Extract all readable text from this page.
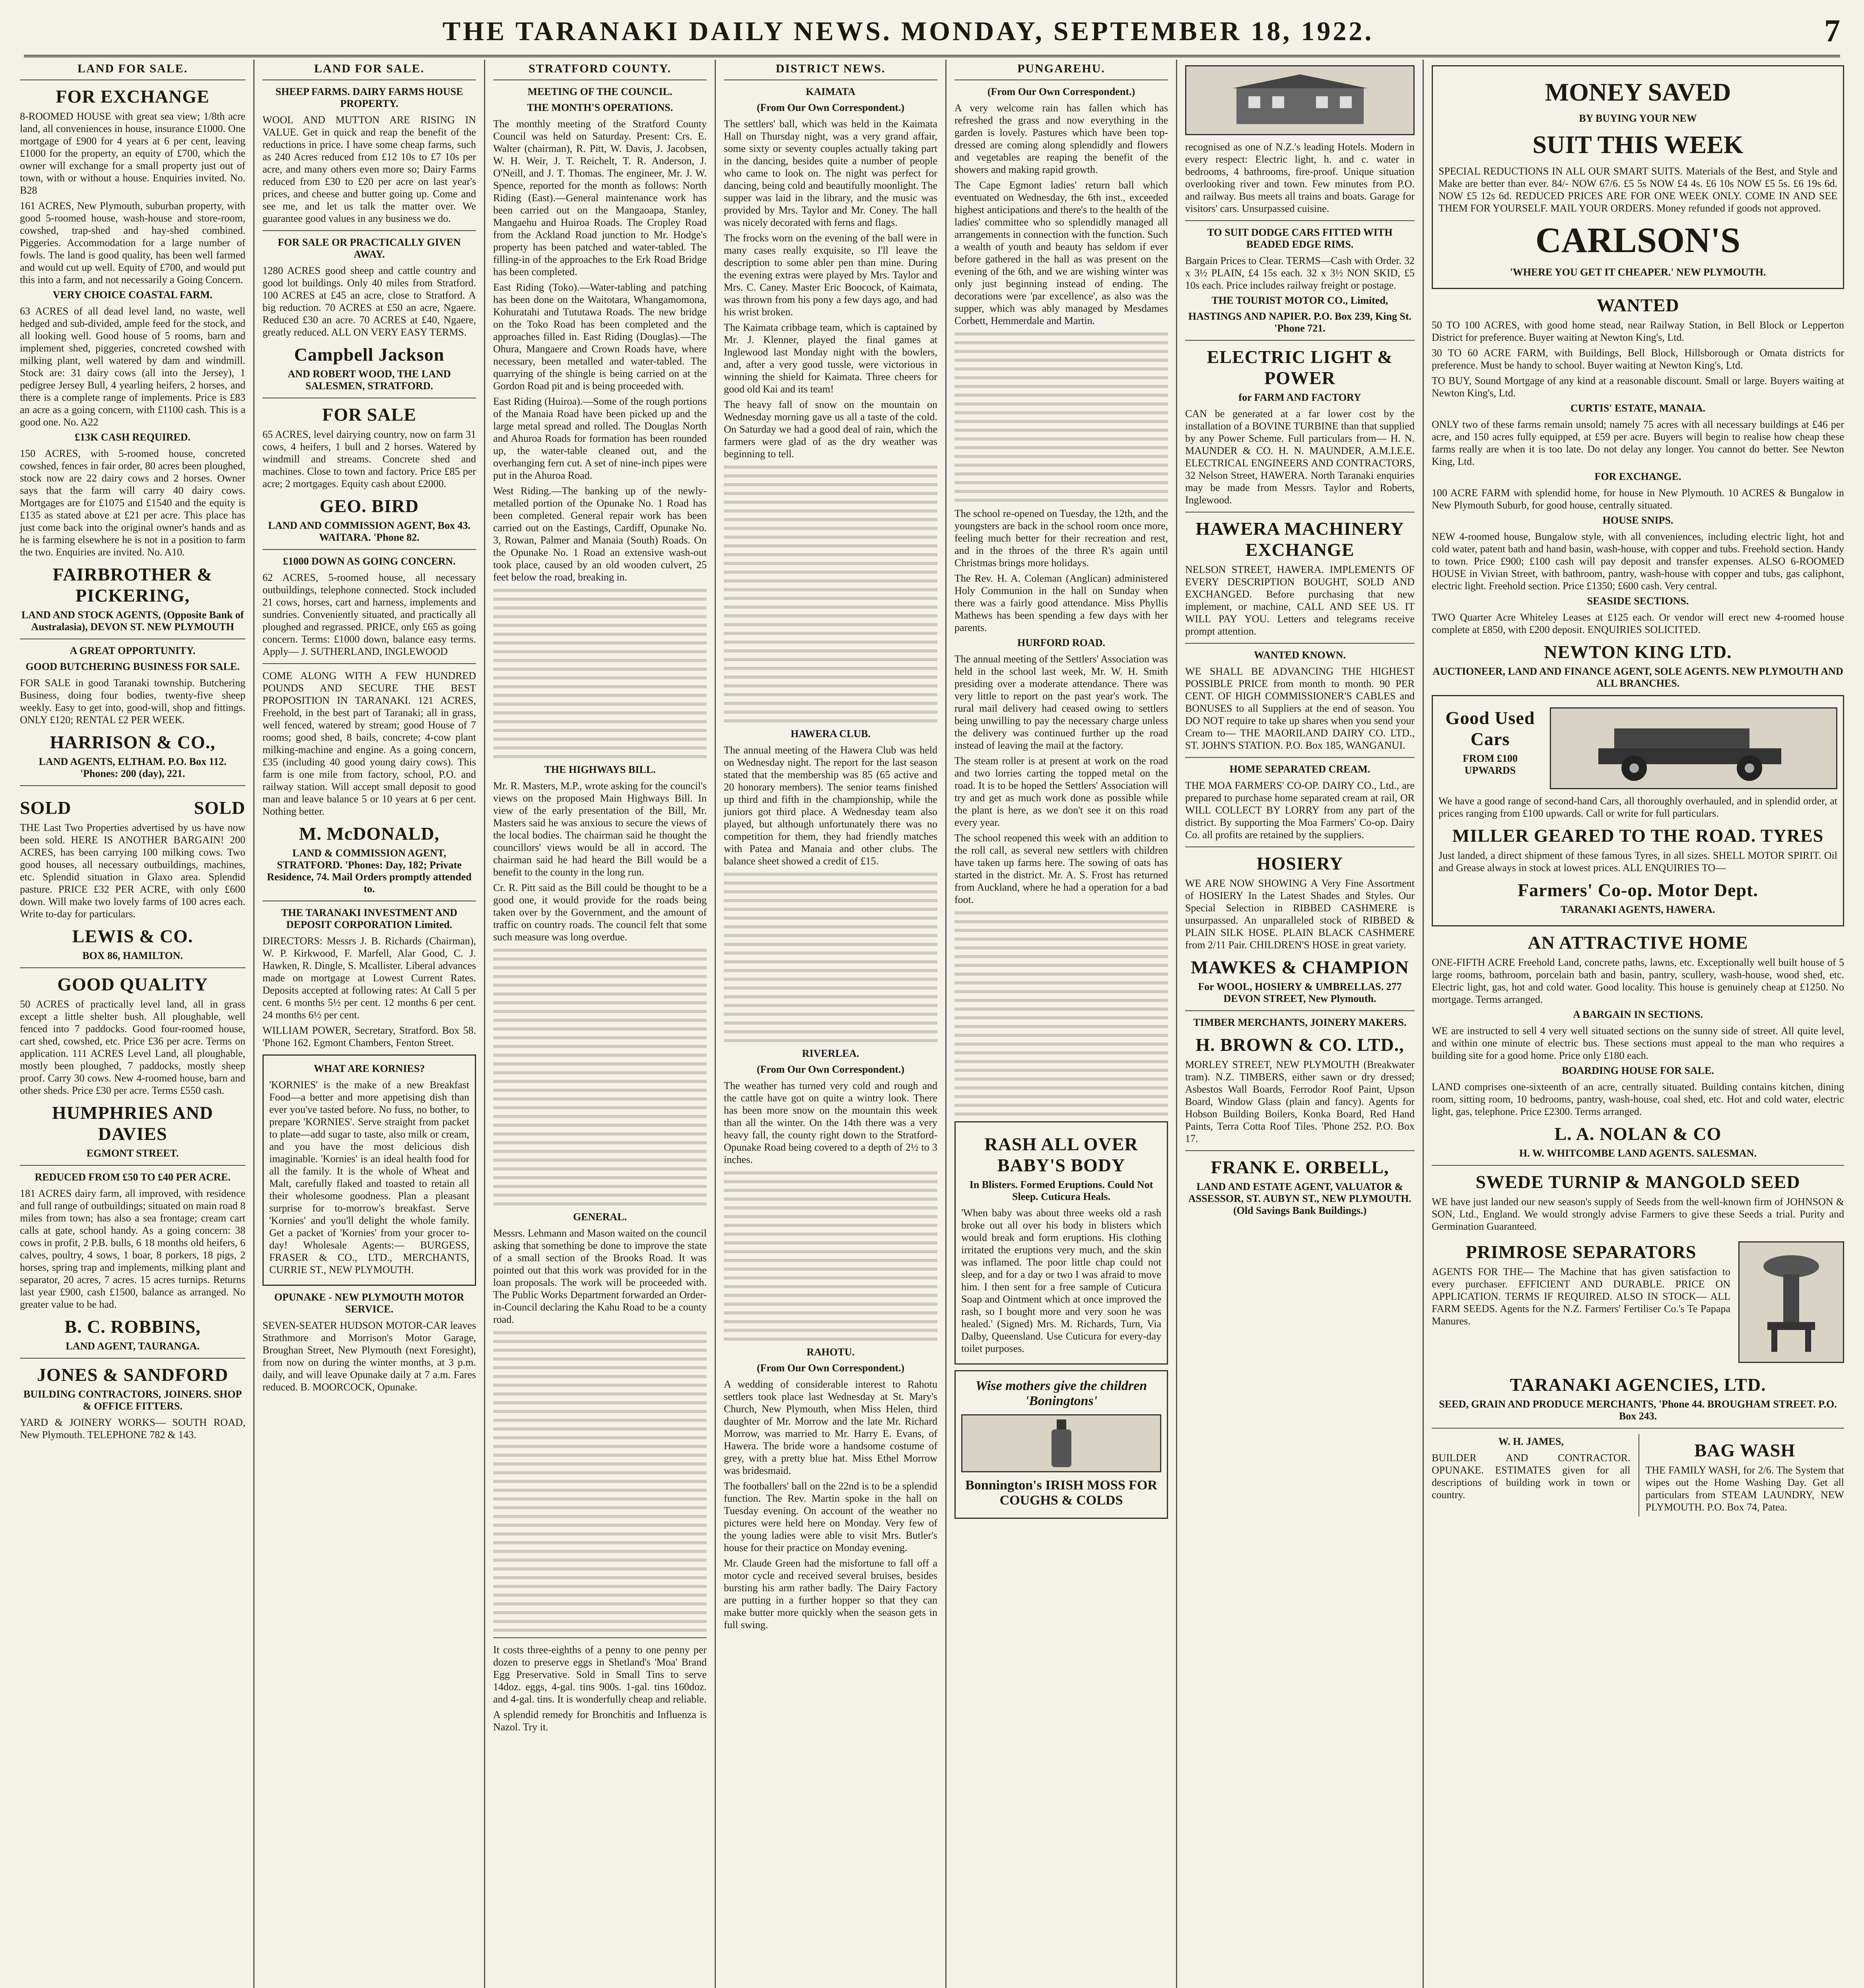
THE TARANAKI DAILY NEWS. MONDAY, SEPTEMBER 18, 1922.	7
LAND FOR SALE.
FOR EXCHANGE

8-ROOMED HOUSE with great sea view; 1/8th acre land, all conveniences in house, insurance £1000. One mortgage of £900 for 4 years at 6 per cent, leaving £1000 for the property, an equity of £700, which the owner will exchange for a small property just out of town, with or without a house. Enquiries invited. No. B28

161 ACRES, New Plymouth, suburban property, with good 5-roomed house, wash-house and store-room, cowshed, trap-shed and hay-shed combined. Piggeries. Accommodation for a large number of fowls. The land is good quality, has been well farmed and would cut up well. Equity of £700, and would put this into a farm, and not necessarily a Going Concern.

VERY CHOICE COASTAL FARM.

63 ACRES of all dead level land, no waste, well hedged and sub-divided, ample feed for the stock, and all looking well. Good house of 5 rooms, barn and implement shed, piggeries, concreted cowshed with milking plant, well watered by dam and windmill. Stock are: 31 dairy cows (all into the Jersey), 1 pedigree Jersey Bull, 4 yearling heifers, 2 horses, and there is a complete range of implements. Price is £83 an acre as a going concern, with £1100 cash. This is a good one. No. A22

£13K CASH REQUIRED.

150 ACRES, with 5-roomed house, concreted cowshed, fences in fair order, 80 acres been ploughed, stock now are 22 dairy cows and 2 horses. Owner says that the farm will carry 40 dairy cows. Mortgages are for £1075 and £1540 and the equity is £135 as stated above at £21 per acre. This place has just come back into the original owner's hands and as he is farming elsewhere he is not in a position to farm the two. Enquiries are invited. No. A10.

FAIRBROTHER & PICKERING,
LAND AND STOCK AGENTS, (Opposite Bank of Australasia), DEVON ST. NEW PLYMOUTH
A GREAT OPPORTUNITY.
GOOD BUTCHERING BUSINESS FOR SALE.

FOR SALE in good Taranaki township. Butchering Business, doing four bodies, twenty-five sheep weekly. Easy to get into, good-will, shop and fittings. ONLY £120; RENTAL £2 PER WEEK.

HARRISON & CO.,
LAND AGENTS, ELTHAM. P.O. Box 112. 'Phones: 200 (day), 221.
SOLD	SOLD

THE Last Two Properties advertised by us have now been sold. HERE IS ANOTHER BARGAIN! 200 ACRES, has been carrying 100 milking cows. Two good houses, all necessary outbuildings, machines, etc. Splendid situation in Glaxo area. Splendid pasture. PRICE £32 PER ACRE, with only £600 down. Will make two lovely farms of 100 acres each. Write to-day for particulars.

LEWIS & CO.
BOX 86, HAMILTON.
GOOD QUALITY

50 ACRES of practically level land, all in grass except a little shelter bush. All ploughable, well fenced into 7 paddocks. Good four-roomed house, cart shed, cowshed, etc. Price £36 per acre. Terms on application. 111 ACRES Level Land, all ploughable, mostly been ploughed, 7 paddocks, mostly sheep proof. Carry 30 cows. New 4-roomed house, barn and other sheds. Price £30 per acre. Terms £550 cash.

HUMPHRIES AND DAVIES
EGMONT STREET.
REDUCED FROM £50 TO £40 PER ACRE.

181 ACRES dairy farm, all improved, with residence and full range of outbuildings; situated on main road 8 miles from town; has also a sea frontage; cream cart calls at gate, school handy. As a going concern: 38 cows in profit, 2 P.B. bulls, 6 18 months old heifers, 6 calves, poultry, 4 sows, 1 boar, 8 porkers, 18 pigs, 2 horses, spring trap and implements, milking plant and separator, 20 acres, 7 acres. 15 acres turnips. Returns last year £900, cash £1500, balance as arranged. No greater value to be had.

B. C. ROBBINS,
LAND AGENT, TAURANGA.
JONES & SANDFORD
BUILDING CONTRACTORS, JOINERS. SHOP & OFFICE FITTERS.

YARD & JOINERY WORKS— SOUTH ROAD, New Plymouth. TELEPHONE 782 & 143.

LAND FOR SALE.
SHEEP FARMS. DAIRY FARMS HOUSE PROPERTY.

WOOL AND MUTTON ARE RISING IN VALUE. Get in quick and reap the benefit of the reductions in price. I have some cheap farms, such as 240 Acres reduced from £12 10s to £7 10s per acre, and many others even more so; Dairy Farms reduced from £30 to £20 per acre on last year's prices, and cheese and butter going up. Come and see me, and let us talk the matter over. We guarantee good values in any business we do.

FOR SALE OR PRACTICALLY GIVEN AWAY.

1280 ACRES good sheep and cattle country and good lot buildings. Only 40 miles from Stratford. 100 ACRES at £45 an acre, close to Stratford. A big reduction. 70 ACRES at £50 an acre, Ngaere. Reduced £30 an acre. 70 ACRES at £40, Ngaere, greatly reduced. ALL ON VERY EASY TERMS.

Campbell Jackson
AND ROBERT WOOD, THE LAND SALESMEN, STRATFORD.
FOR SALE

65 ACRES, level dairying country, now on farm 31 cows, 4 heifers, 1 bull and 2 horses. Watered by windmill and streams. Concrete shed and machines. Close to town and factory. Price £85 per acre; 2 mortgages. Equity cash about £2000.

GEO. BIRD
LAND AND COMMISSION AGENT, Box 43. WAITARA. 'Phone 82.
£1000 DOWN AS GOING CONCERN.

62 ACRES, 5-roomed house, all necessary outbuildings, telephone connected. Stock included 21 cows, horses, cart and harness, implements and sundries. Conveniently situated, and practically all ploughed and regrassed. PRICE, only £65 as going concern. Terms: £1000 down, balance easy terms. Apply— J. SUTHERLAND, INGLEWOOD

COME ALONG WITH A FEW HUNDRED POUNDS AND SECURE THE BEST PROPOSITION IN TARANAKI. 121 ACRES, Freehold, in the best part of Taranaki; all in grass, well fenced, watered by stream; good House of 7 rooms; good shed, 8 bails, concrete; 4-cow plant milking-machine and engine. As a going concern, £35 (including 40 good young dairy cows). This farm is one mile from factory, school, P.O. and railway station. Will accept small deposit to good man and leave balance 5 or 10 years at 6 per cent. Nothing better.

M. McDONALD,
LAND & COMMISSION AGENT, STRATFORD. 'Phones: Day, 182; Private Residence, 74. Mail Orders promptly attended to.
THE TARANAKI INVESTMENT AND DEPOSIT CORPORATION Limited.

DIRECTORS: Messrs J. B. Richards (Chairman), W. P. Kirkwood, F. Marfell, Alar Good, C. J. Hawken, R. Dingle, S. Mcallister. Liberal advances made on mortgage at Lowest Current Rates. Deposits accepted at following rates: At Call 5 per cent. 6 months 5½ per cent. 12 months 6 per cent. 24 months 6½ per cent.

WILLIAM POWER, Secretary, Stratford. Box 58. 'Phone 162. Egmont Chambers, Fenton Street.

WHAT ARE KORNIES?

'KORNIES' is the make of a new Breakfast Food—a better and more appetising dish than ever you've tasted before. No fuss, no bother, to prepare 'KORNIES'. Serve straight from packet to plate—add sugar to taste, also milk or cream, and you have the most delicious dish imaginable. 'Kornies' is an ideal health food for all the family. It is the whole of Wheat and Malt, carefully flaked and toasted to retain all their wholesome goodness. Plan a pleasant surprise for to-morrow's breakfast. Serve 'Kornies' and you'll delight the whole family. Get a packet of 'Kornies' from your grocer to-day! Wholesale Agents:— BURGESS, FRASER & CO., LTD., MERCHANTS, CURRIE ST., NEW PLYMOUTH.

OPUNAKE - NEW PLYMOUTH MOTOR SERVICE.

SEVEN-SEATER HUDSON MOTOR-CAR leaves Strathmore and Morrison's Motor Garage, Broughan Street, New Plymouth (next Foresight), from now on during the winter months, at 3 p.m. daily, and will leave Opunake daily at 7 a.m. Fares reduced. B. MOORCOCK, Opunake.

STRATFORD COUNTY.
MEETING OF THE COUNCIL.
THE MONTH'S OPERATIONS.

The monthly meeting of the Stratford County Council was held on Saturday. Present: Crs. E. Walter (chairman), R. Pitt, W. Davis, J. Jacobsen, W. H. Weir, J. T. Reichelt, T. R. Anderson, J. O'Neill, and J. T. Thomas. The engineer, Mr. J. W. Spence, reported for the month as follows: North Riding (East).—General maintenance work has been carried out on the Mangaoapa, Stanley, Mangaehu and Huiroa Roads. The Cropley Road from the Ackland Road junction to Mr. Hodge's property has been patched and water-tabled. The filling-in of the approaches to the Erk Road Bridge has been completed.

East Riding (Toko).—Water-tabling and patching has been done on the Waitotara, Whangamomona, Kohuratahi and Tututawa Roads. The new bridge on the Toko Road has been completed and the approaches filled in. East Riding (Douglas).—The Ohura, Mangaere and Crown Roads have, where necessary, been metalled and water-tabled. The quarrying of the shingle is being carried on at the Gordon Road pit and is being proceeded with.

East Riding (Huiroa).—Some of the rough portions of the Manaia Road have been picked up and the large metal spread and rolled. The Douglas North and Ahuroa Roads for formation has been rounded up, the water-table cleaned out, and the overhanging fern cut. A set of nine-inch pipes were put in the Ahuroa Road.

West Riding.—The banking up of the newly-metalled portion of the Opunake No. 1 Road has been completed. General repair work has been carried out on the Eastings, Cardiff, Opunake No. 3, Rowan, Palmer and Manaia (South) Roads. On the Opunake No. 1 Road an extensive wash-out took place, caused by an old wooden culvert, 25 feet below the road, breaking in.

THE HIGHWAYS BILL.

Mr. R. Masters, M.P., wrote asking for the council's views on the proposed Main Highways Bill. In view of the early presentation of the Bill, Mr. Masters said he was anxious to secure the views of the local bodies. The chairman said he thought the councillors' views would be all in accord. The chairman said he had heard the Bill would be a benefit to the county in the long run.

Cr. R. Pitt said as the Bill could be thought to be a good one, it would provide for the roads being taken over by the Government, and the amount of traffic on country roads. The council felt that some such measure was long overdue.

GENERAL.

Messrs. Lehmann and Mason waited on the council asking that something be done to improve the state of a small section of the Brooks Road. It was pointed out that this work was provided for in the loan proposals. The work will be proceeded with. The Public Works Department forwarded an Order-in-Council declaring the Kahu Road to be a county road.

It costs three-eighths of a penny to one penny per dozen to preserve eggs in Shetland's 'Moa' Brand Egg Preservative. Sold in Small Tins to serve 14doz. eggs, 4-gal. tins 900s. 1-gal. tins 160doz. and 4-gal. tins. It is wonderfully cheap and reliable.

A splendid remedy for Bronchitis and Influenza is Nazol. Try it.

DISTRICT NEWS.
KAIMATA
(From Our Own Correspondent.)

The settlers' ball, which was held in the Kaimata Hall on Thursday night, was a very grand affair, some sixty or seventy couples actually taking part in the dancing, besides quite a number of people who came to look on. The night was perfect for dancing, being cold and beautifully moonlight. The supper was laid in the library, and the music was provided by Mrs. Taylor and Mr. Coney. The hall was nicely decorated with ferns and flags.

The frocks worn on the evening of the ball were in many cases really exquisite, so I'll leave the description to some abler pen than mine. During the evening extras were played by Mrs. Taylor and Mrs. C. Caney. Master Eric Boocock, of Kaimata, was thrown from his pony a few days ago, and had his wrist broken.

The Kaimata cribbage team, which is captained by Mr. J. Klenner, played the final games at Inglewood last Monday night with the bowlers, and, after a very good tussle, were victorious in winning the shield for Kaimata. Three cheers for good old Kai and its team!

The heavy fall of snow on the mountain on Wednesday morning gave us all a taste of the cold. On Saturday we had a good deal of rain, which the farmers were glad of as the dry weather was beginning to tell.

HAWERA CLUB.

The annual meeting of the Hawera Club was held on Wednesday night. The report for the last season stated that the membership was 85 (65 active and 20 honorary members). The senior teams finished up third and fifth in the championship, while the juniors got third place. A Wednesday team also played, but although unfortunately there was no competition for them, they had friendly matches with Patea and Manaia and other clubs. The balance sheet showed a credit of £15.

RIVERLEA.
(From Our Own Correspondent.)

The weather has turned very cold and rough and the cattle have got on quite a wintry look. There has been more snow on the mountain this week than all the winter. On the 14th there was a very heavy fall, the county right down to the Stratford-Opunake Road being covered to a depth of 2½ to 3 inches.

RAHOTU.
(From Our Own Correspondent.)

A wedding of considerable interest to Rahotu settlers took place last Wednesday at St. Mary's Church, New Plymouth, when Miss Helen, third daughter of Mr. Morrow and the late Mr. Richard Morrow, was married to Mr. Harry E. Evans, of Hawera. The bride wore a handsome costume of grey, with a pretty blue hat. Miss Ethel Morrow was bridesmaid.

The footballers' ball on the 22nd is to be a splendid function. The Rev. Martin spoke in the hall on Tuesday evening. On account of the weather no pictures were held here on Monday. Very few of the young ladies were able to visit Mrs. Butler's house for their practice on Monday evening.

Mr. Claude Green had the misfortune to fall off a motor cycle and received several bruises, besides bursting his arm rather badly. The Dairy Factory are putting in a further hopper so that they can make butter more quickly when the season gets in full swing.

PUNGAREHU.
(From Our Own Correspondent.)

A very welcome rain has fallen which has refreshed the grass and now everything in the garden is lovely. Pastures which have been top-dressed are coming along splendidly and flowers and vegetables are reaping the benefit of the showers and making rapid growth.

The Cape Egmont ladies' return ball which eventuated on Wednesday, the 6th inst., exceeded highest anticipations and there's to the health of the ladies' committee who so splendidly managed all arrangements in connection with the function. Such a wealth of youth and beauty has seldom if ever before gathered in the hall as was present on the evening of the 6th, and we are wishing winter was only just beginning instead of ending. The decorations were 'par excellence', as also was the supper, which was ably managed by Mesdames Corbett, Hemmerdale and Martin.

The school re-opened on Tuesday, the 12th, and the youngsters are back in the school room once more, feeling much better for their recreation and rest, and in the throes of the three R's again until Christmas brings more holidays.

The Rev. H. A. Coleman (Anglican) administered Holy Communion in the hall on Sunday when there was a fairly good attendance. Miss Phyllis Mathews has been spending a few days with her parents.

HURFORD ROAD.

The annual meeting of the Settlers' Association was held in the school last week, Mr. W. H. Smith presiding over a moderate attendance. There was very little to report on the past year's work. The rural mail delivery had ceased owing to settlers being unwilling to pay the necessary charge unless the delivery was continued further up the road instead of leaving the mail at the factory.

The steam roller is at present at work on the road and two lorries carting the topped metal on the road. It is to be hoped the Settlers' Association will try and get as much work done as possible while the plant is here, as we don't see it on this road every year.

The school reopened this week with an addition to the roll call, as several new settlers with children have taken up farms here. The sowing of oats has started in the district. Mr. A. S. Frost has returned from Auckland, where he had a operation for a bad foot.

RASH ALL OVER BABY'S BODY
In Blisters. Formed Eruptions. Could Not Sleep. Cuticura Heals.

'When baby was about three weeks old a rash broke out all over his body in blisters which would break and form eruptions. His clothing irritated the eruptions very much, and the skin was inflamed. The poor little chap could not sleep, and for a day or two I was afraid to move him. I then sent for a free sample of Cuticura Soap and Ointment which at once improved the rash, so I bought more and very soon he was healed.' (Signed) Mrs. M. Richards, Turn, Via Dalby, Queensland. Use Cuticura for every-day toilet purposes.

Wise mothers give the children 'Boningtons'
Bonnington's IRISH MOSS FOR COUGHS & COLDS

recognised as one of N.Z.'s leading Hotels. Modern in every respect: Electric light, h. and c. water in bedrooms, 4 bathrooms, fire-proof. Unique situation overlooking river and town. Few minutes from P.O. and railway. Bus meets all trains and boats. Garage for visitors' cars. Unsurpassed cuisine.

TO SUIT DODGE CARS FITTED WITH BEADED EDGE RIMS.

Bargain Prices to Clear. TERMS—Cash with Order. 32 x 3½ PLAIN, £4 15s each. 32 x 3½ NON SKID, £5 10s each. Price includes railway freight or postage.

THE TOURIST MOTOR CO., Limited,
HASTINGS AND NAPIER. P.O. Box 239, King St. 'Phone 721.
ELECTRIC LIGHT & POWER
for FARM AND FACTORY

CAN be generated at a far lower cost by the installation of a BOVINE TURBINE than that supplied by any Power Scheme. Full particulars from— H. N. MAUNDER & CO. H. N. MAUNDER, A.M.I.E.E. ELECTRICAL ENGINEERS AND CONTRACTORS, 32 Nelson Street, HAWERA. North Taranaki enquiries may be made from Messrs. Taylor and Roberts, Inglewood.

HAWERA MACHINERY EXCHANGE

NELSON STREET, HAWERA. IMPLEMENTS OF EVERY DESCRIPTION BOUGHT, SOLD AND EXCHANGED. Before purchasing that new implement, or machine, CALL AND SEE US. IT WILL PAY YOU. Letters and telegrams receive prompt attention.

WANTED KNOWN.

WE SHALL BE ADVANCING THE HIGHEST POSSIBLE PRICE from month to month. 90 PER CENT. OF HIGH COMMISSIONER'S CABLES and BONUSES to all Suppliers at the end of season. You DO NOT require to take up shares when you send your Cream to— THE MAORILAND DAIRY CO. LTD., ST. JOHN'S STATION. P.O. Box 185, WANGANUI.

HOME SEPARATED CREAM.

THE MOA FARMERS' CO-OP. DAIRY CO., Ltd., are prepared to purchase home separated cream at rail, OR WILL COLLECT BY LORRY from any part of the district. By supporting the Moa Farmers' Co-op. Dairy Co. all profits are retained by the suppliers.

HOSIERY

WE ARE NOW SHOWING A Very Fine Assortment of HOSIERY In the Latest Shades and Styles. Our Special Selection in RIBBED CASHMERE is unsurpassed. An unparalleled stock of RIBBED & PLAIN SILK HOSE. PLAIN BLACK CASHMERE from 2/11 Pair. CHILDREN'S HOSE in great variety.

MAWKES & CHAMPION
For WOOL, HOSIERY & UMBRELLAS. 277 DEVON STREET, New Plymouth.
TIMBER MERCHANTS, JOINERY MAKERS.
H. BROWN & CO. LTD.,

MORLEY STREET, NEW PLYMOUTH (Breakwater tram). N.Z. TIMBERS, either sawn or dry dressed; Asbestos Wall Boards, Ferrodor Roof Paint, Upson Board, Window Glass (plain and fancy). Agents for Hobson Building Boilers, Konka Board, Red Hand Paints, Terra Cotta Roof Tiles. 'Phone 252. P.O. Box 17.

FRANK E. ORBELL,
LAND AND ESTATE AGENT, VALUATOR & ASSESSOR, ST. AUBYN ST., NEW PLYMOUTH. (Old Savings Bank Buildings.)
MONEY SAVED
BY BUYING YOUR NEW
SUIT THIS WEEK

SPECIAL REDUCTIONS IN ALL OUR SMART SUITS. Materials of the Best, and Style and Make are better than ever. 84/- NOW 67/6. £5 5s NOW £4 4s. £6 10s NOW £5 5s. £6 19s 6d. NOW £5 12s 6d. REDUCED PRICES ARE FOR ONE WEEK ONLY. COME IN AND SEE THEM FOR YOURSELF. MAIL YOUR ORDERS. Money refunded if goods not approved.

CARLSON'S
'WHERE YOU GET IT CHEAPER.' NEW PLYMOUTH.
WANTED

50 TO 100 ACRES, with good home stead, near Railway Station, in Bell Block or Lepperton District for preference. Buyer waiting at Newton King's, Ltd.

30 TO 60 ACRE FARM, with Buildings, Bell Block, Hillsborough or Omata districts for preference. Must be handy to school. Buyer waiting at Newton King's, Ltd.

TO BUY, Sound Mortgage of any kind at a reasonable discount. Small or large. Buyers waiting at Newton King's, Ltd.

CURTIS' ESTATE, MANAIA.

ONLY two of these farms remain unsold; namely 75 acres with all necessary buildings at £46 per acre, and 150 acres fully equipped, at £59 per acre. Buyers will begin to realise how cheap these farms really are when it is too late. Do not delay any longer. You cannot do better. See Newton King, Ltd.

FOR EXCHANGE.

100 ACRE FARM with splendid home, for house in New Plymouth. 10 ACRES & Bungalow in New Plymouth Suburb, for good house, centrally situated.

HOUSE SNIPS.

NEW 4-roomed house, Bungalow style, with all conveniences, including electric light, hot and cold water, patent bath and hand basin, wash-house, with copper and tubs. Freehold section. Handy to town. Price £900; £100 cash will pay deposit and transfer expenses. ALSO 6-ROOMED HOUSE in Vivian Street, with bathroom, pantry, wash-house with copper and tubs, gas caliphont, electric light. Freehold section. Price £1350; £600 cash. Very central.

SEASIDE SECTIONS.

TWO Quarter Acre Whiteley Leases at £125 each. Or vendor will erect new 4-roomed house complete at £850, with £200 deposit. ENQUIRIES SOLICITED.

NEWTON KING LTD.
AUCTIONEER, LAND AND FINANCE AGENT, SOLE AGENTS. NEW PLYMOUTH AND ALL BRANCHES.
Good Used Cars
FROM £100 UPWARDS

We have a good range of second-hand Cars, all thoroughly overhauled, and in splendid order, at prices ranging from £100 upwards. Call or write for full particulars.

MILLER GEARED TO THE ROAD. TYRES

Just landed, a direct shipment of these famous Tyres, in all sizes. SHELL MOTOR SPIRIT. Oil and Grease always in stock at lowest prices. ALL ENQUIRIES TO—

Farmers' Co-op. Motor Dept.
TARANAKI AGENTS, HAWERA.
AN ATTRACTIVE HOME

ONE-FIFTH ACRE Freehold Land, concrete paths, lawns, etc. Exceptionally well built house of 5 large rooms, bathroom, porcelain bath and basin, pantry, scullery, wash-house, wood shed, etc. Electric light, gas, hot and cold water. Good locality. This house is genuinely cheap at £1250. No mortgage. Terms arranged.

A BARGAIN IN SECTIONS.

WE are instructed to sell 4 very well situated sections on the sunny side of street. All quite level, and within one minute of electric bus. These sections must appeal to the man who requires a building site for a good home. Price only £180 each.

BOARDING HOUSE FOR SALE.

LAND comprises one-sixteenth of an acre, centrally situated. Building contains kitchen, dining room, sitting room, 10 bedrooms, pantry, wash-house, coal shed, etc. Hot and cold water, electric light, gas, telephone. Price £2300. Terms arranged.

L. A. NOLAN & CO
H. W. WHITCOMBE LAND AGENTS. SALESMAN.
SWEDE TURNIP & MANGOLD SEED

WE have just landed our new season's supply of Seeds from the well-known firm of JOHNSON & SON, Ltd., England. We would strongly advise Farmers to give these Seeds a trial. Purity and Germination Guaranteed.

PRIMROSE SEPARATORS

AGENTS FOR THE— The Machine that has given satisfaction to every purchaser. EFFICIENT AND DURABLE. PRICE ON APPLICATION. TERMS IF REQUIRED. ALSO IN STOCK— ALL FARM SEEDS. Agents for the N.Z. Farmers' Fertiliser Co.'s Te Papapa Manures.

TARANAKI AGENCIES, LTD.
SEED, GRAIN AND PRODUCE MERCHANTS, 'Phone 44. BROUGHAM STREET. P.O. Box 243.
W. H. JAMES,

BUILDER AND CONTRACTOR. OPUNAKE. ESTIMATES given for all descriptions of building work in town or country.

BAG WASH

THE FAMILY WASH, for 2/6. The System that wipes out the Home Washing Day. Get all particulars from STEAM LAUNDRY, NEW PLYMOUTH. P.O. Box 74, Patea.
